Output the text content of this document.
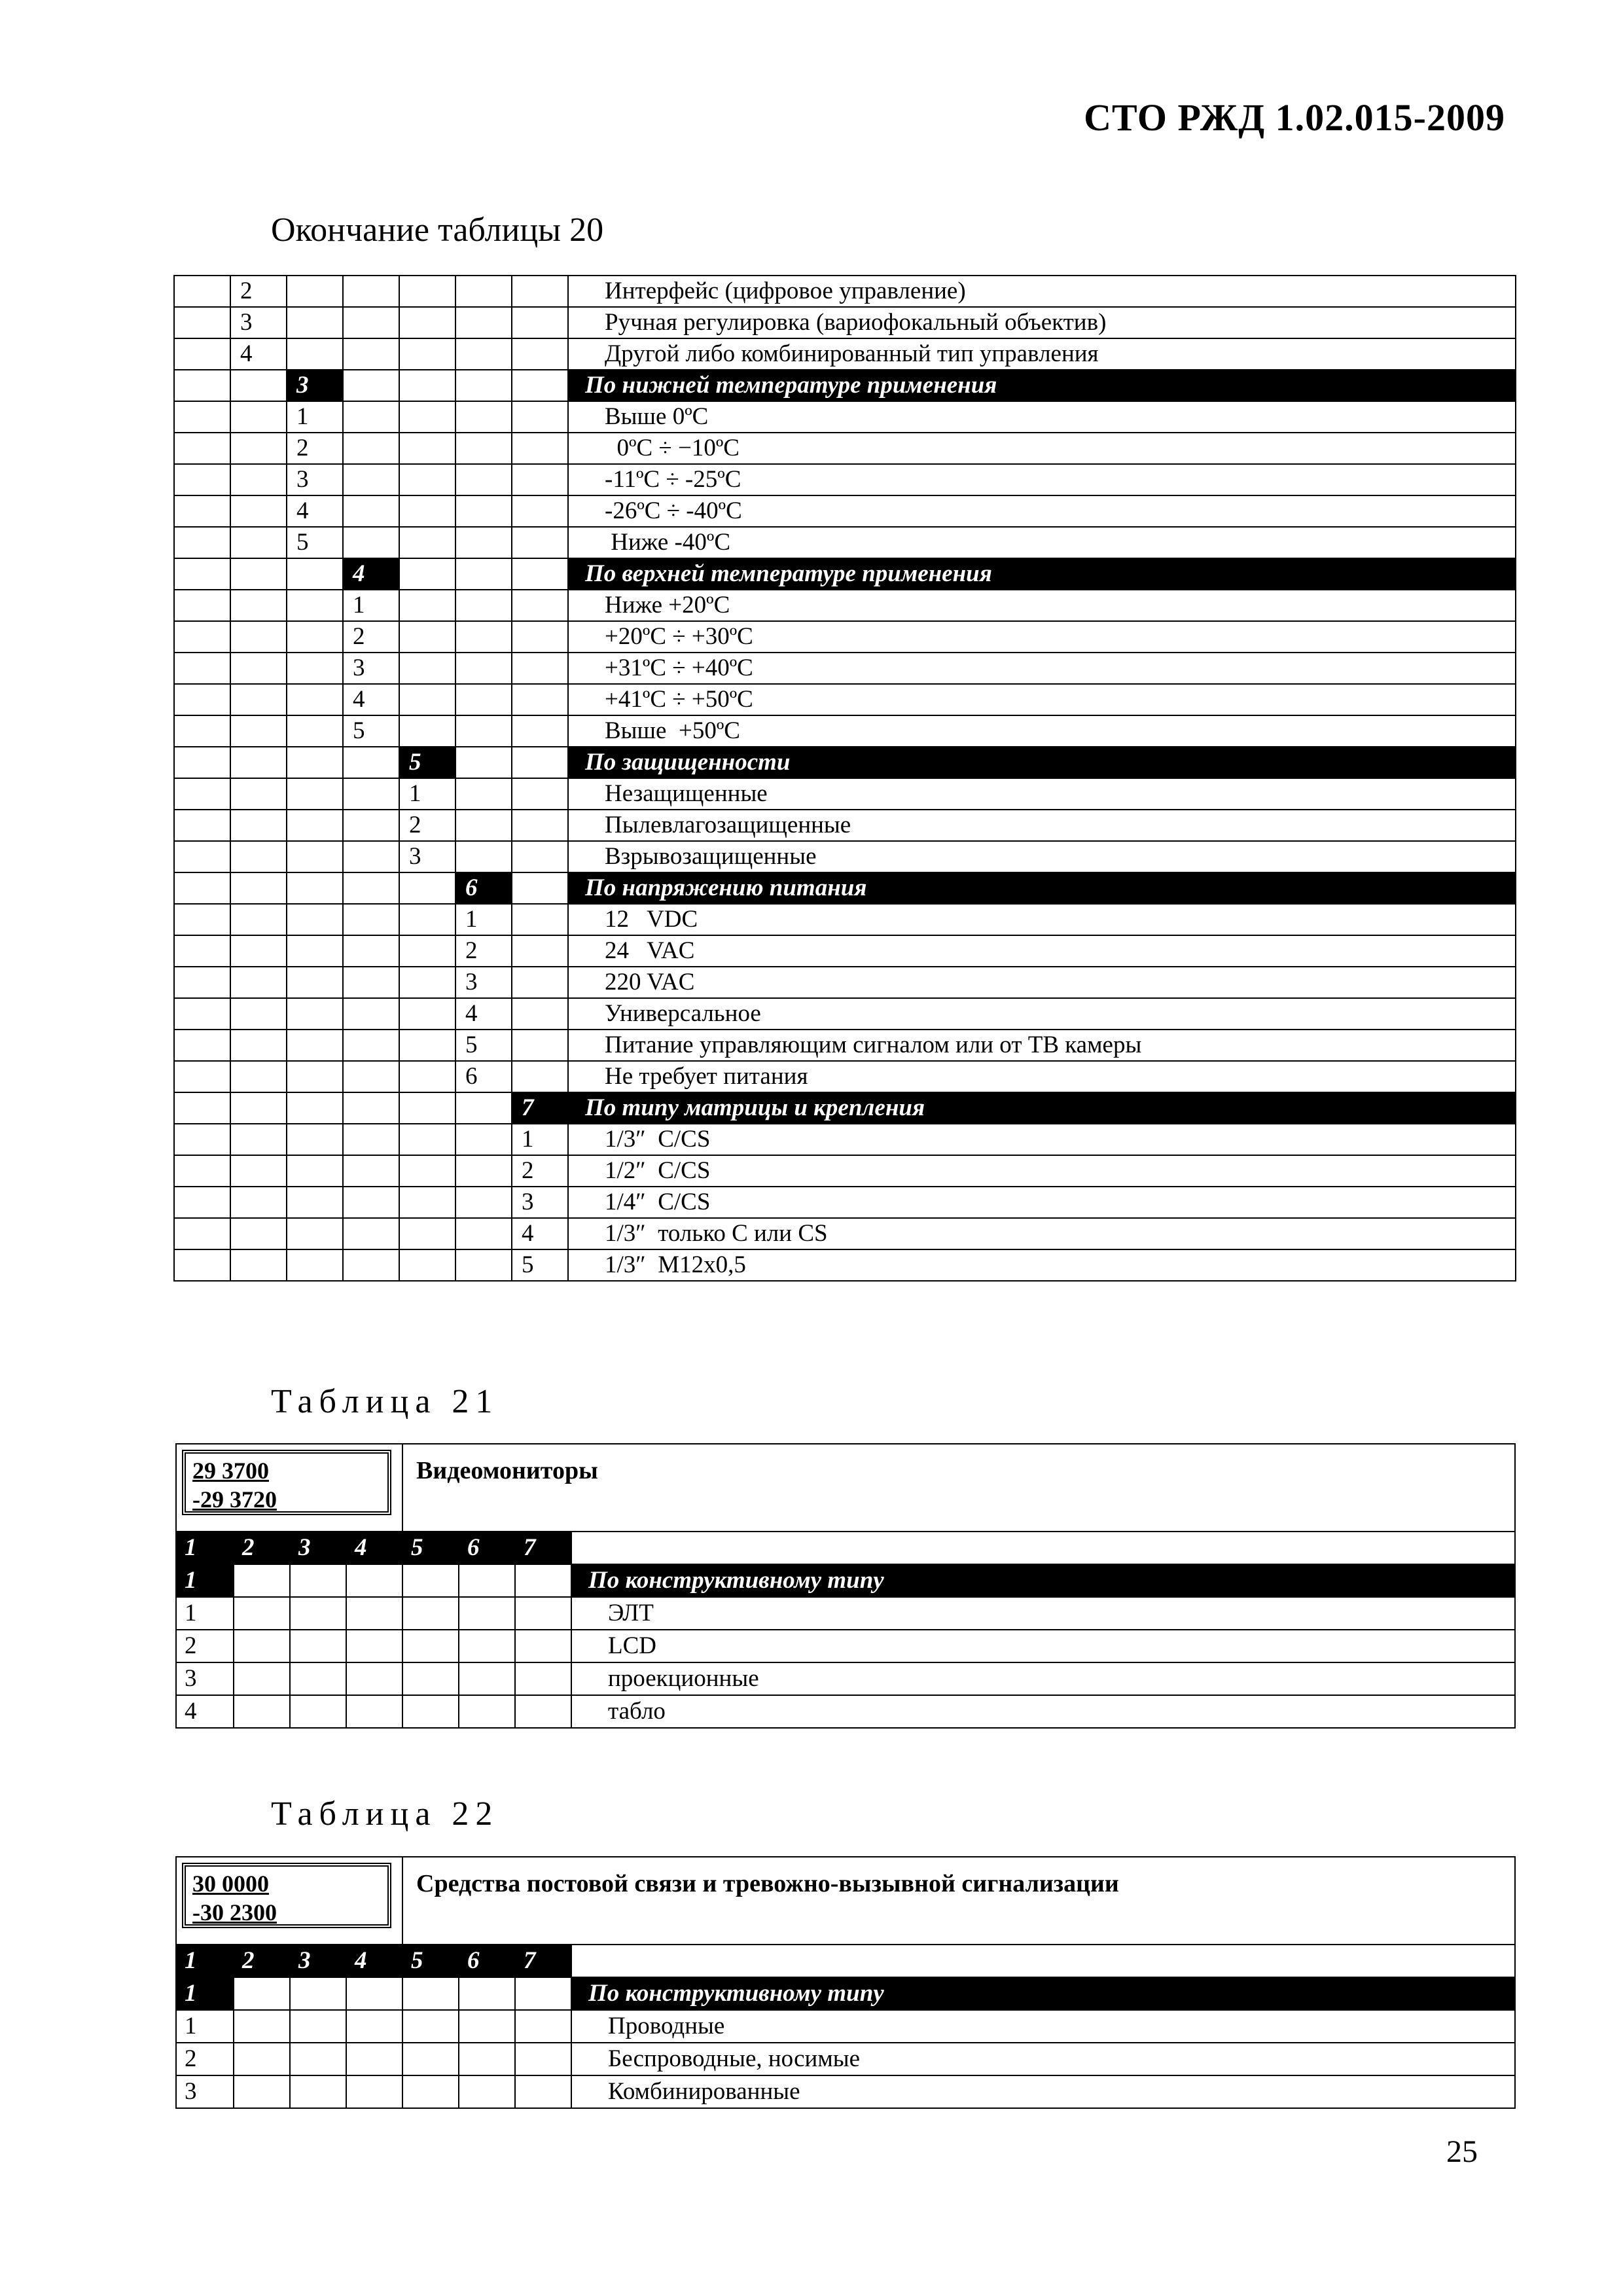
СТО РЖД 1.02.015-2009
Окончание таблицы 20
	2						Интерфейс (цифровое управление)
	3						Ручная регулировка (вариофокальный объектив)
	4						Другой либо комбинированный тип управления
		3					По нижней температуре применения
		1					Выше 0ºC
		2					0ºC ÷ −10ºC
		3					-11ºC ÷ -25ºC
		4					-26ºC ÷ -40ºC
		5					Ниже -40ºC
			4				По верхней температуре применения
			1				Ниже +20ºC
			2				+20ºC ÷ +30ºC
			3				+31ºC ÷ +40ºC
			4				+41ºC ÷ +50ºC
			5				Выше  +50ºC
				5			По защищенности
				1			Незащищенные
				2			Пылевлагозащищенные
				3			Взрывозащищенные
					6		По напряжению питания
					1		12   VDC
					2		24   VAC
					3		220 VAC
					4		Универсальное
					5		Питание управляющим сигналом или от ТВ камеры
					6		Не требует питания
						7	По типу матрицы и крепления
						1	1/3″  C/CS
						2	1/2″  C/CS
						3	1/4″  C/CS
						4	1/3″  только С или CS
						5	1/3″  M12x0,5
Таблица 21
29 3700
-29 3720				Видеомониторы			
1	2	3	4	5	6	7	
1							По конструктивному типу
1							ЭЛТ
2							LCD
3							проекционные
4							табло
Таблица 22
30 0000
-30 2300				Средства постовой связи и тревожно-вызывной сигнализации			
1	2	3	4	5	6	7	
1							По конструктивному типу
1							Проводные
2							Беспроводные, носимые
3							Комбинированные
25
